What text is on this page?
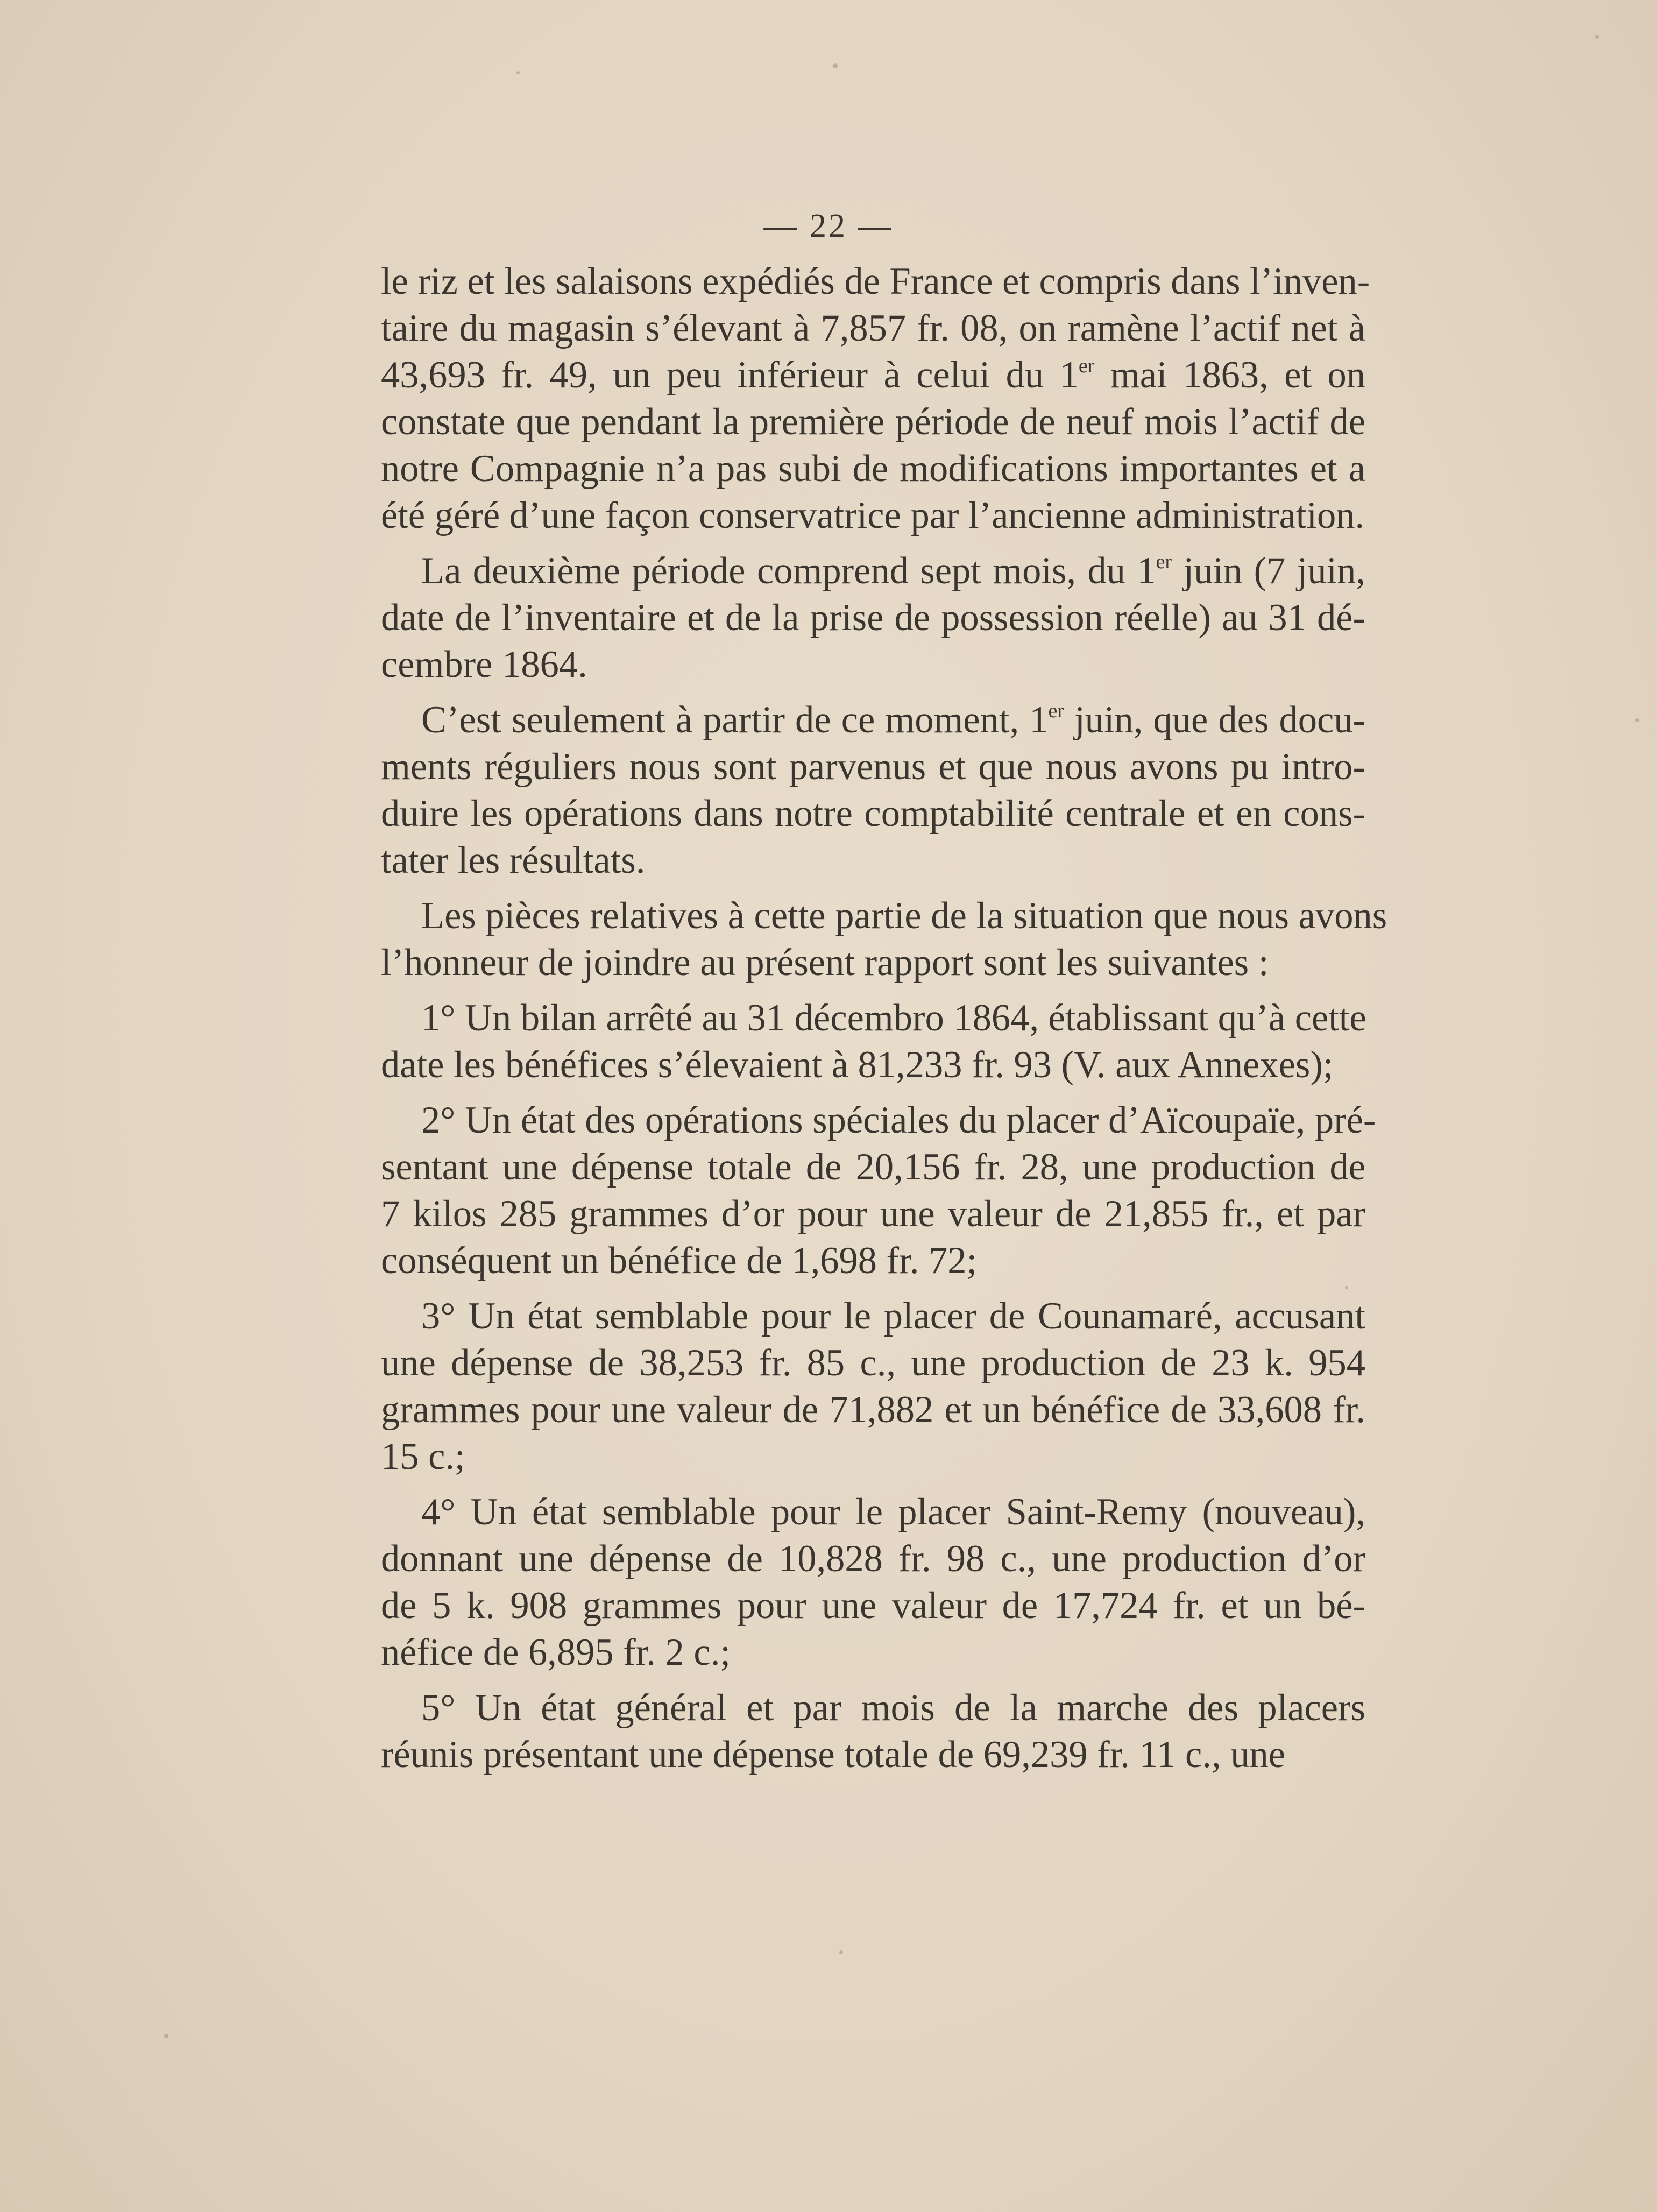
— 22 —
le riz et les salaisons expédiés de France et compris dans l’inven-
taire du magasin s’élevant à 7,857 fr. 08, on ramène l’actif net à
43,693 fr. 49, un peu inférieur à celui du 1er mai 1863, et on
constate que pendant la première période de neuf mois l’actif de
notre Compagnie n’a pas subi de modifications importantes et a
été géré d’une façon conservatrice par l’ancienne administration.
La deuxième période comprend sept mois, du 1er juin (7 juin,
date de l’inventaire et de la prise de possession réelle) au 31 dé-
cembre 1864.
C’est seulement à partir de ce moment, 1er juin, que des docu-
ments réguliers nous sont parvenus et que nous avons pu intro-
duire les opérations dans notre comptabilité centrale et en cons-
tater les résultats.
Les pièces relatives à cette partie de la situation que nous avons
l’honneur de joindre au présent rapport sont les suivantes :
1° Un bilan arrêté au 31 décembro 1864, établissant qu’à cette
date les bénéfices s’élevaient à 81,233 fr. 93 (V. aux Annexes);
2° Un état des opérations spéciales du placer d’Aïcoupaïe, pré-
sentant une dépense totale de 20,156 fr. 28, une production de
7 kilos 285 grammes d’or pour une valeur de 21,855 fr., et par
conséquent un bénéfice de 1,698 fr. 72;
3° Un état semblable pour le placer de Counamaré, accusant
une dépense de 38,253 fr. 85 c., une production de 23 k. 954
grammes pour une valeur de 71,882 et un bénéfice de 33,608 fr.
15 c.;
4° Un état semblable pour le placer Saint-Remy (nouveau),
donnant une dépense de 10,828 fr. 98 c., une production d’or
de 5 k. 908 grammes pour une valeur de 17,724 fr. et un bé-
néfice de 6,895 fr. 2 c.;
5° Un état général et par mois de la marche des placers
réunis présentant une dépense totale de 69,239 fr. 11 c., une
